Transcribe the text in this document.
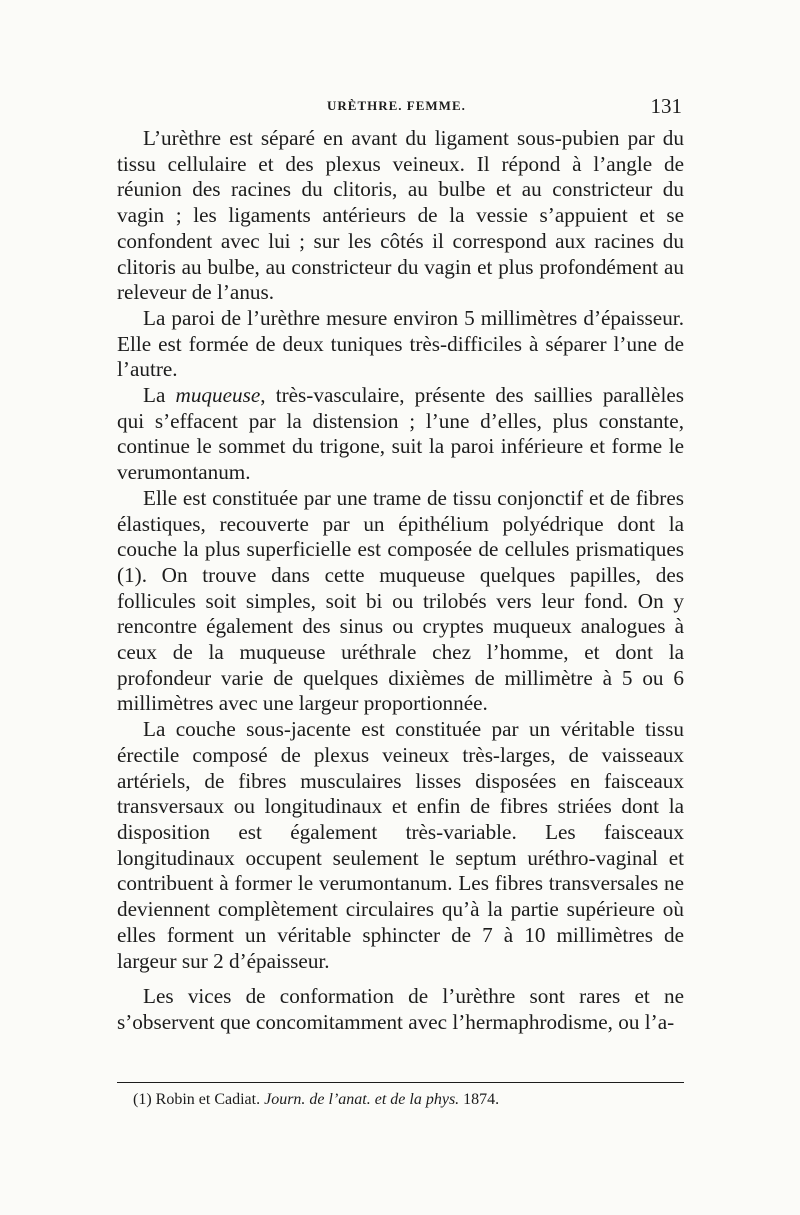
URÈTHRE. FEMME.	131

L’urèthre est séparé en avant du ligament sous-pubien par du tissu cellulaire et des plexus veineux. Il répond à l’angle de réunion des racines du clitoris, au bulbe et au constricteur du vagin ; les ligaments antérieurs de la vessie s’appuient et se confondent avec lui ; sur les côtés il correspond aux racines du clitoris au bulbe, au constricteur du vagin et plus profondément au releveur de l’anus.

La paroi de l’urèthre mesure environ 5 millimètres d’épaisseur. Elle est formée de deux tuniques très-difficiles à séparer l’une de l’autre.

La muqueuse, très-vasculaire, présente des saillies parallèles qui s’effacent par la distension ; l’une d’elles, plus constante, continue le sommet du trigone, suit la paroi inférieure et forme le verumontanum.

Elle est constituée par une trame de tissu conjonctif et de fibres élastiques, recouverte par un épithélium polyédrique dont la couche la plus superficielle est composée de cellules prismatiques (1). On trouve dans cette muqueuse quelques papilles, des follicules soit simples, soit bi ou trilobés vers leur fond. On y rencontre également des sinus ou cryptes muqueux analogues à ceux de la muqueuse uréthrale chez l’homme, et dont la profondeur varie de quelques dixièmes de millimètre à 5 ou 6 millimètres avec une largeur proportionnée.

La couche sous-jacente est constituée par un véritable tissu érectile composé de plexus veineux très-larges, de vaisseaux artériels, de fibres musculaires lisses disposées en faisceaux transversaux ou longitudinaux et enfin de fibres striées dont la disposition est également très-variable. Les faisceaux longitudinaux occupent seulement le septum uréthro-vaginal et contribuent à former le verumontanum. Les fibres transversales ne deviennent complètement circulaires qu’à la partie supérieure où elles forment un véritable sphincter de 7 à 10 millimètres de largeur sur 2 d’épaisseur.

Les vices de conformation de l’urèthre sont rares et ne s’observent que concomitamment avec l’hermaphrodisme, ou l’a-

(1) Robin et Cadiat. Journ. de l’anat. et de la phys. 1874.
